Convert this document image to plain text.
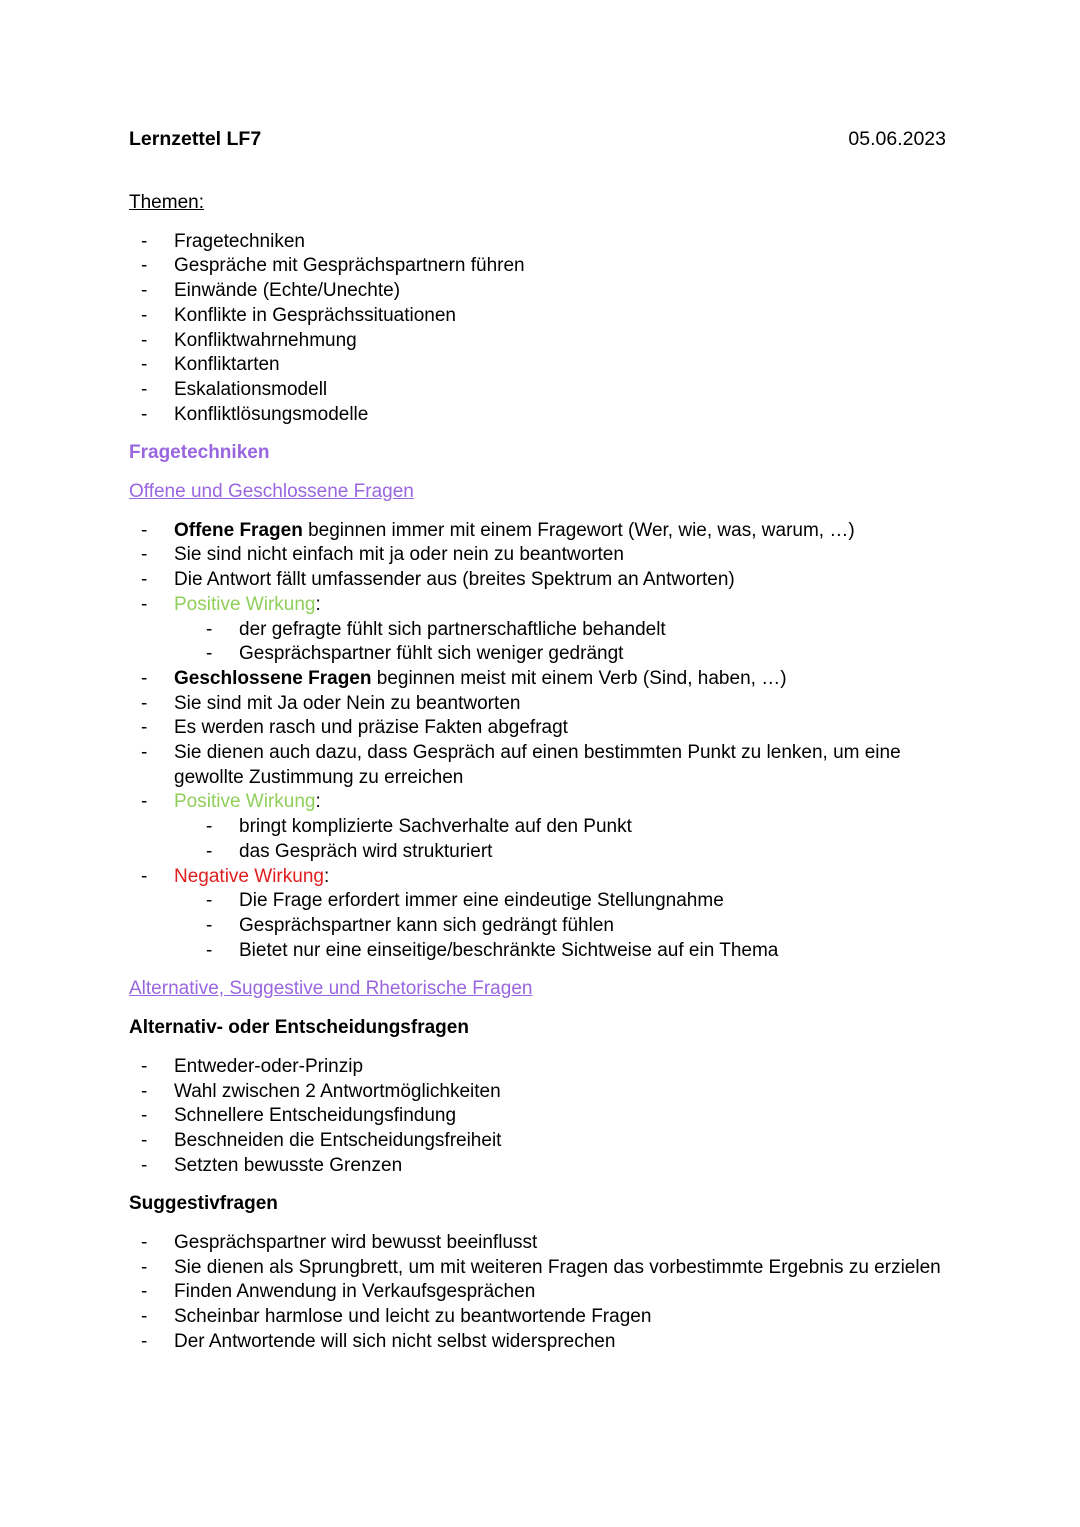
Lernzettel LF7	05.06.2023
Themen:
- Fragetechniken
- Gespräche mit Gesprächspartnern führen
- Einwände (Echte/Unechte)
- Konflikte in Gesprächssituationen
- Konfliktwahrnehmung
- Konfliktarten
- Eskalationsmodell
- Konfliktlösungsmodelle
Fragetechniken
Offene und Geschlossene Fragen
- Offene Fragen beginnen immer mit einem Fragewort (Wer, wie, was, warum, …)
- Sie sind nicht einfach mit ja oder nein zu beantworten
- Die Antwort fällt umfassender aus (breites Spektrum an Antworten)
- Positive Wirkung:
- der gefragte fühlt sich partnerschaftliche behandelt
- Gesprächspartner fühlt sich weniger gedrängt
- Geschlossene Fragen beginnen meist mit einem Verb (Sind, haben, …)
- Sie sind mit Ja oder Nein zu beantworten
- Es werden rasch und präzise Fakten abgefragt
- Sie dienen auch dazu, dass Gespräch auf einen bestimmten Punkt zu lenken, um eine gewollte Zustimmung zu erreichen
- Positive Wirkung:
- bringt komplizierte Sachverhalte auf den Punkt
- das Gespräch wird strukturiert
- Negative Wirkung:
- Die Frage erfordert immer eine eindeutige Stellungnahme
- Gesprächspartner kann sich gedrängt fühlen
- Bietet nur eine einseitige/beschränkte Sichtweise auf ein Thema
Alternative, Suggestive und Rhetorische Fragen
Alternativ- oder Entscheidungsfragen
- Entweder-oder-Prinzip
- Wahl zwischen 2 Antwortmöglichkeiten
- Schnellere Entscheidungsfindung
- Beschneiden die Entscheidungsfreiheit
- Setzten bewusste Grenzen
Suggestivfragen
- Gesprächspartner wird bewusst beeinflusst
- Sie dienen als Sprungbrett, um mit weiteren Fragen das vorbestimmte Ergebnis zu erzielen
- Finden Anwendung in Verkaufsgesprächen
- Scheinbar harmlose und leicht zu beantwortende Fragen
- Der Antwortende will sich nicht selbst widersprechen
